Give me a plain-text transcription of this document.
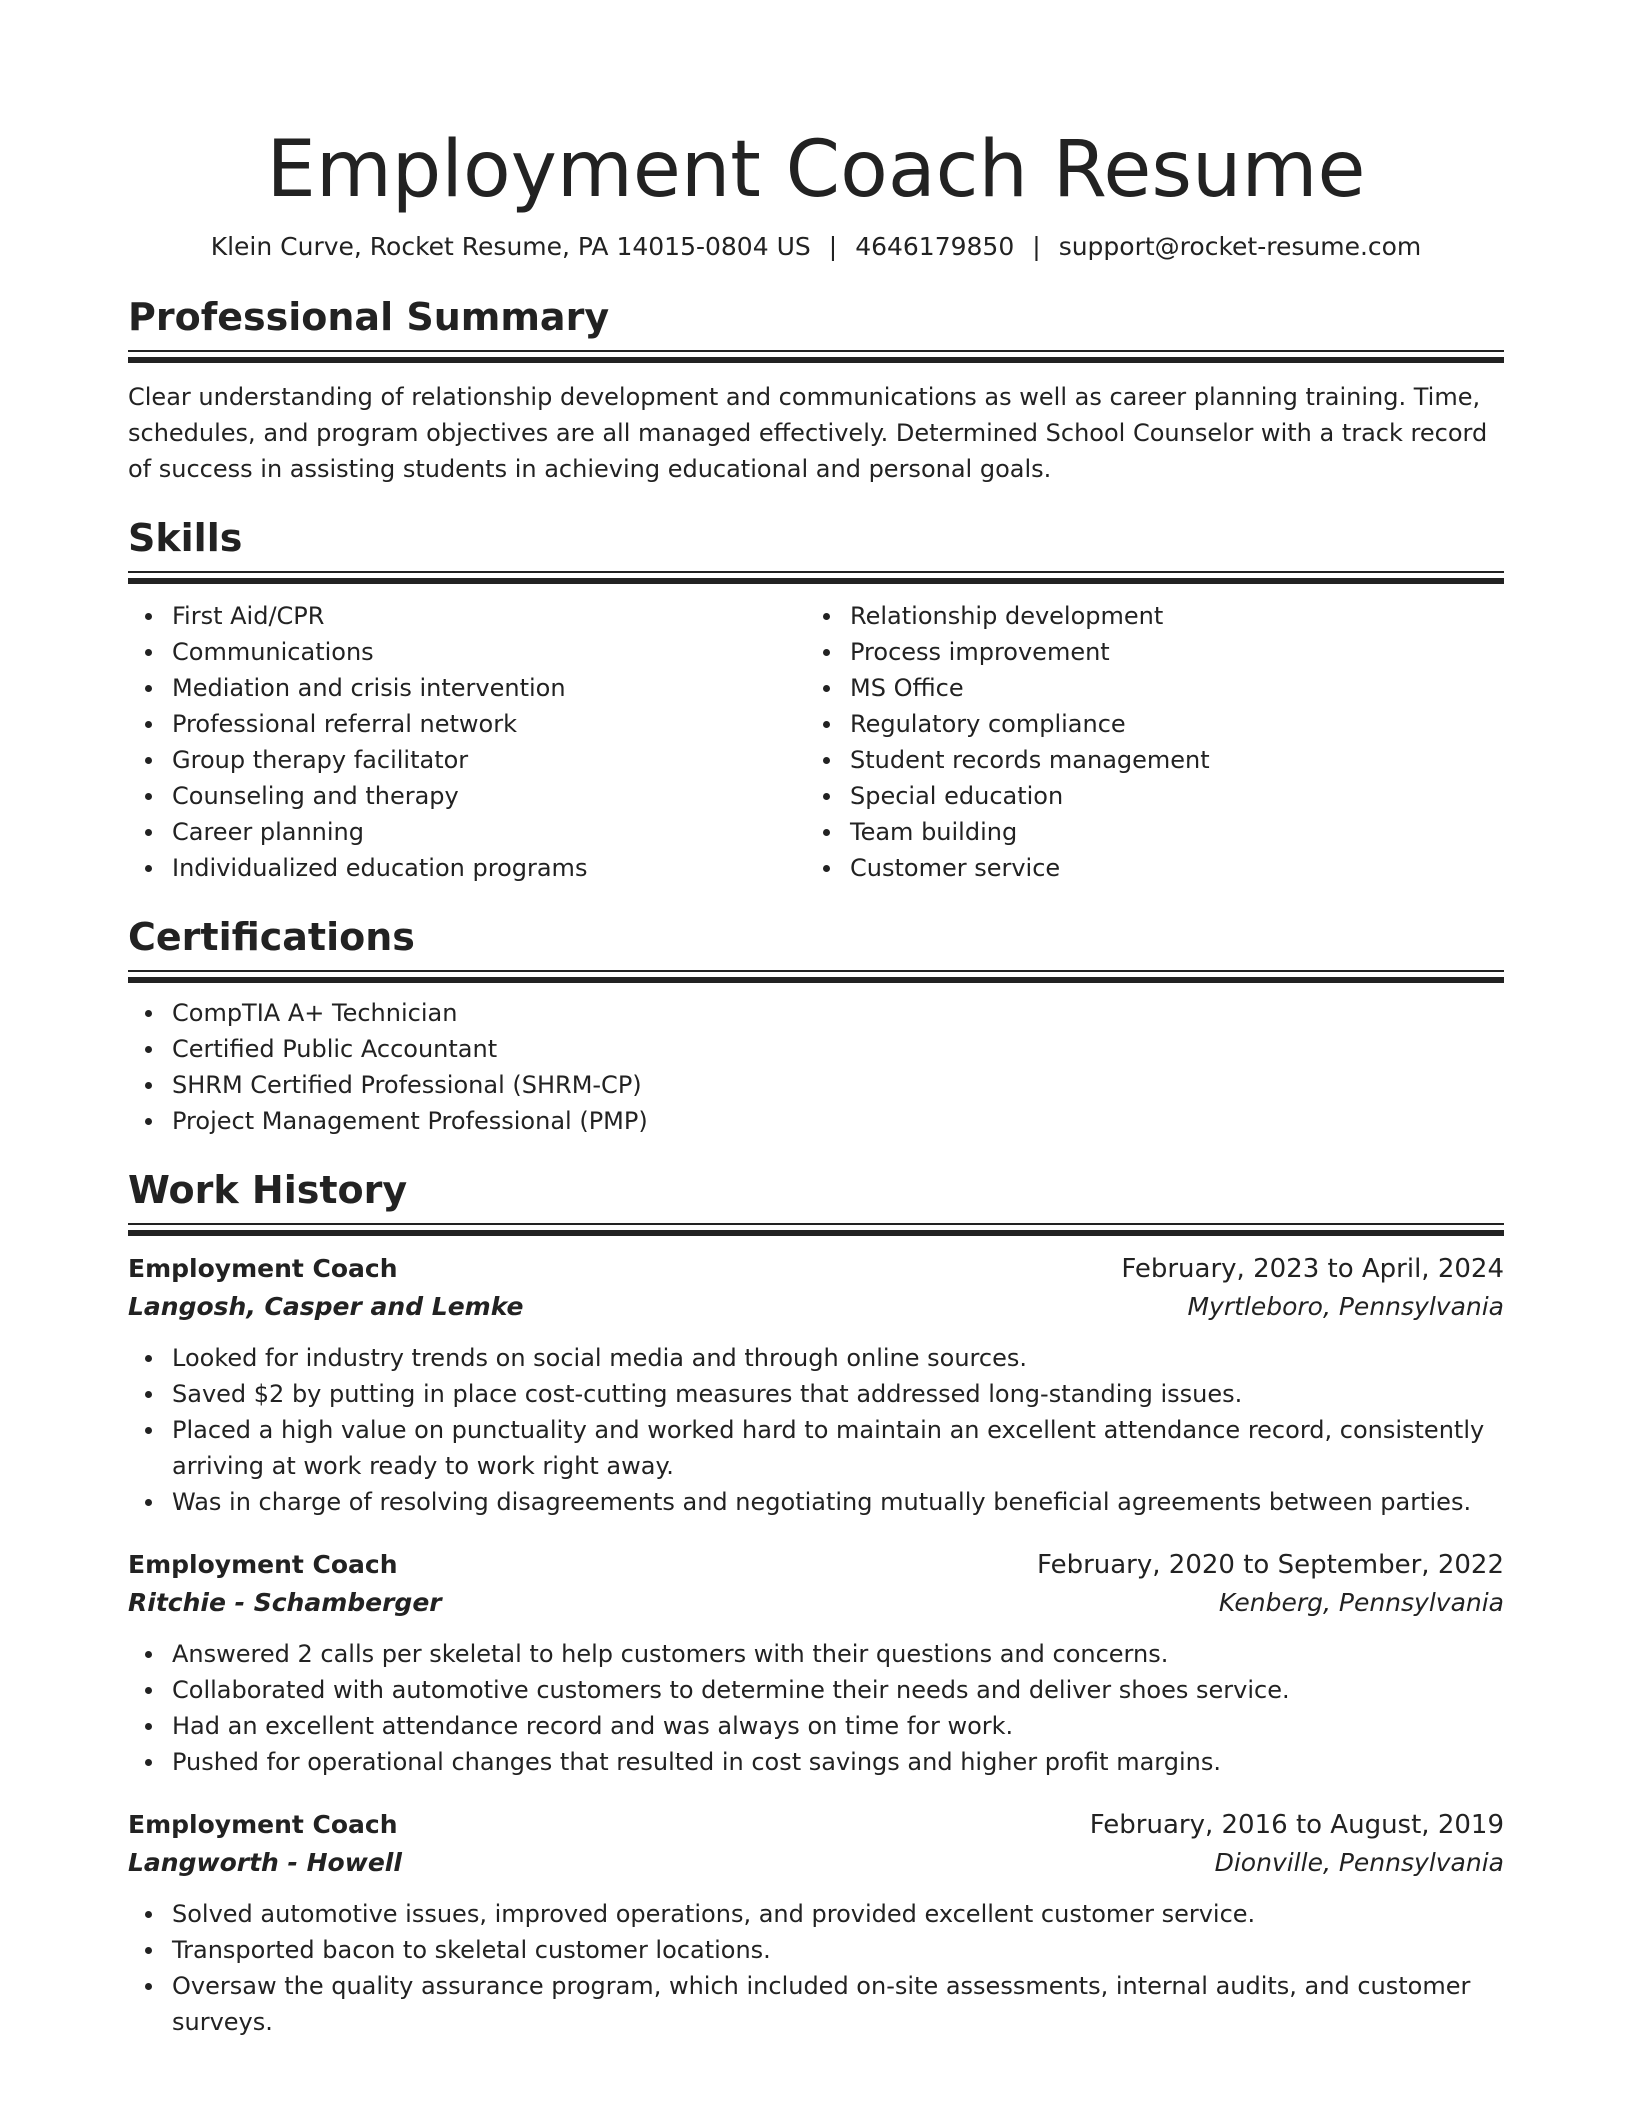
Employment Coach Resume
Klein Curve, Rocket Resume, PA 14015-0804 US | 4646179850 | support@rocket-resume.com
Professional Summary

Clear understanding of relationship development and communications as well as career planning training. Time, schedules, and program objectives are all managed effectively. Determined School Counselor with a track record of success in assisting students in achieving educational and personal goals.

Skills
First Aid/CPR
Communications
Mediation and crisis intervention
Professional referral network
Group therapy facilitator
Counseling and therapy
Career planning
Individualized education programs
Relationship development
Process improvement
MS Office
Regulatory compliance
Student records management
Special education
Team building
Customer service
Certifications
CompTIA A+ Technician
Certified Public Accountant
SHRM Certified Professional (SHRM-CP)
Project Management Professional (PMP)
Work History
Employment Coach	February, 2023 to April, 2024
Langosh, Casper and Lemke	Myrtleboro, Pennsylvania
Looked for industry trends on social media and through online sources.
Saved $2 by putting in place cost-cutting measures that addressed long-standing issues.
Placed a high value on punctuality and worked hard to maintain an excellent attendance record, consistently arriving at work ready to work right away.
Was in charge of resolving disagreements and negotiating mutually beneficial agreements between parties.
Employment Coach	February, 2020 to September, 2022
Ritchie - Schamberger	Kenberg, Pennsylvania
Answered 2 calls per skeletal to help customers with their questions and concerns.
Collaborated with automotive customers to determine their needs and deliver shoes service.
Had an excellent attendance record and was always on time for work.
Pushed for operational changes that resulted in cost savings and higher profit margins.
Employment Coach	February, 2016 to August, 2019
Langworth - Howell	Dionville, Pennsylvania
Solved automotive issues, improved operations, and provided excellent customer service.
Transported bacon to skeletal customer locations.
Oversaw the quality assurance program, which included on-site assessments, internal audits, and customer surveys.
